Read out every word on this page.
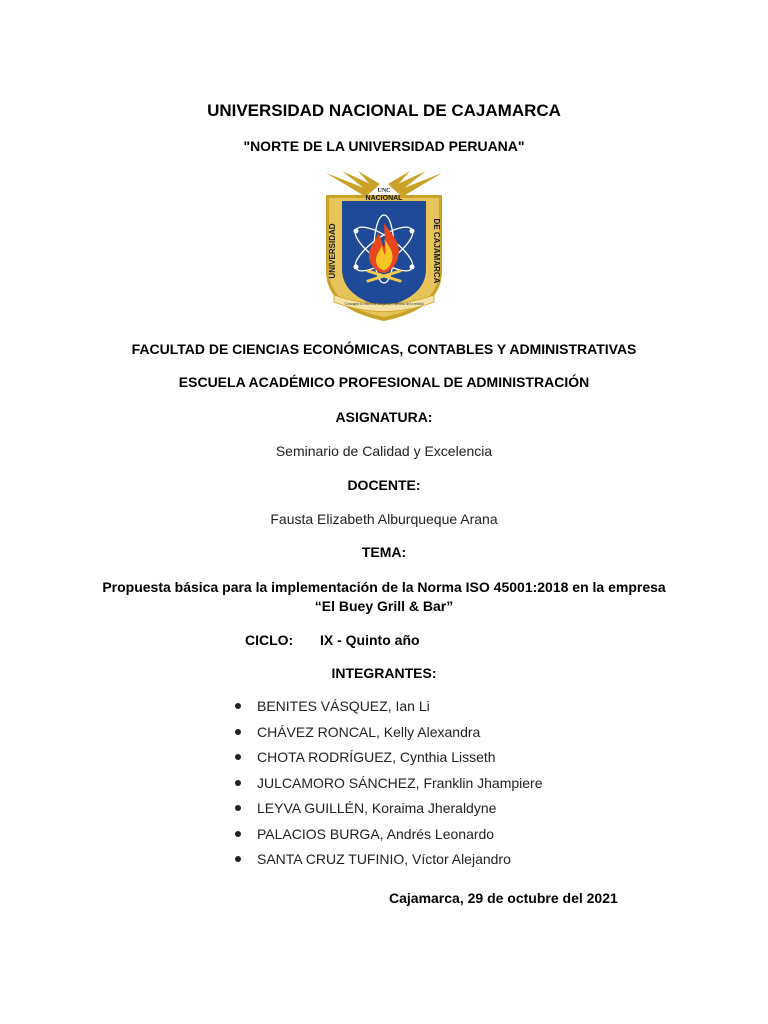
UNIVERSIDAD NACIONAL DE CAJAMARCA
"NORTE DE LA UNIVERSIDAD PERUANA"
UNC
NACIONAL
UNIVERSIDAD	DE CAJAMARCA
Consagrar la vida a la búsqueda y defensa de la verdad
FACULTAD DE CIENCIAS ECONÓMICAS, CONTABLES Y ADMINISTRATIVAS
ESCUELA ACADÉMICO PROFESIONAL DE ADMINISTRACIÓN
ASIGNATURA:
Seminario de Calidad y Excelencia
DOCENTE:
Fausta Elizabeth Alburqueque Arana
TEMA:
Propuesta básica para la implementación de la Norma ISO 45001:2018 en la empresa “El Buey Grill & Bar”
CICLO: IX - Quinto año
INTEGRANTES:
BENITES VÁSQUEZ, Ian Li
CHÁVEZ RONCAL, Kelly Alexandra
CHOTA RODRÍGUEZ, Cynthia Lisseth
JULCAMORO SÁNCHEZ, Franklin Jhampiere
LEYVA GUILLÉN, Koraima Jheraldyne
PALACIOS BURGA, Andrés Leonardo
SANTA CRUZ TUFINIO, Víctor Alejandro
Cajamarca, 29 de octubre del 2021
